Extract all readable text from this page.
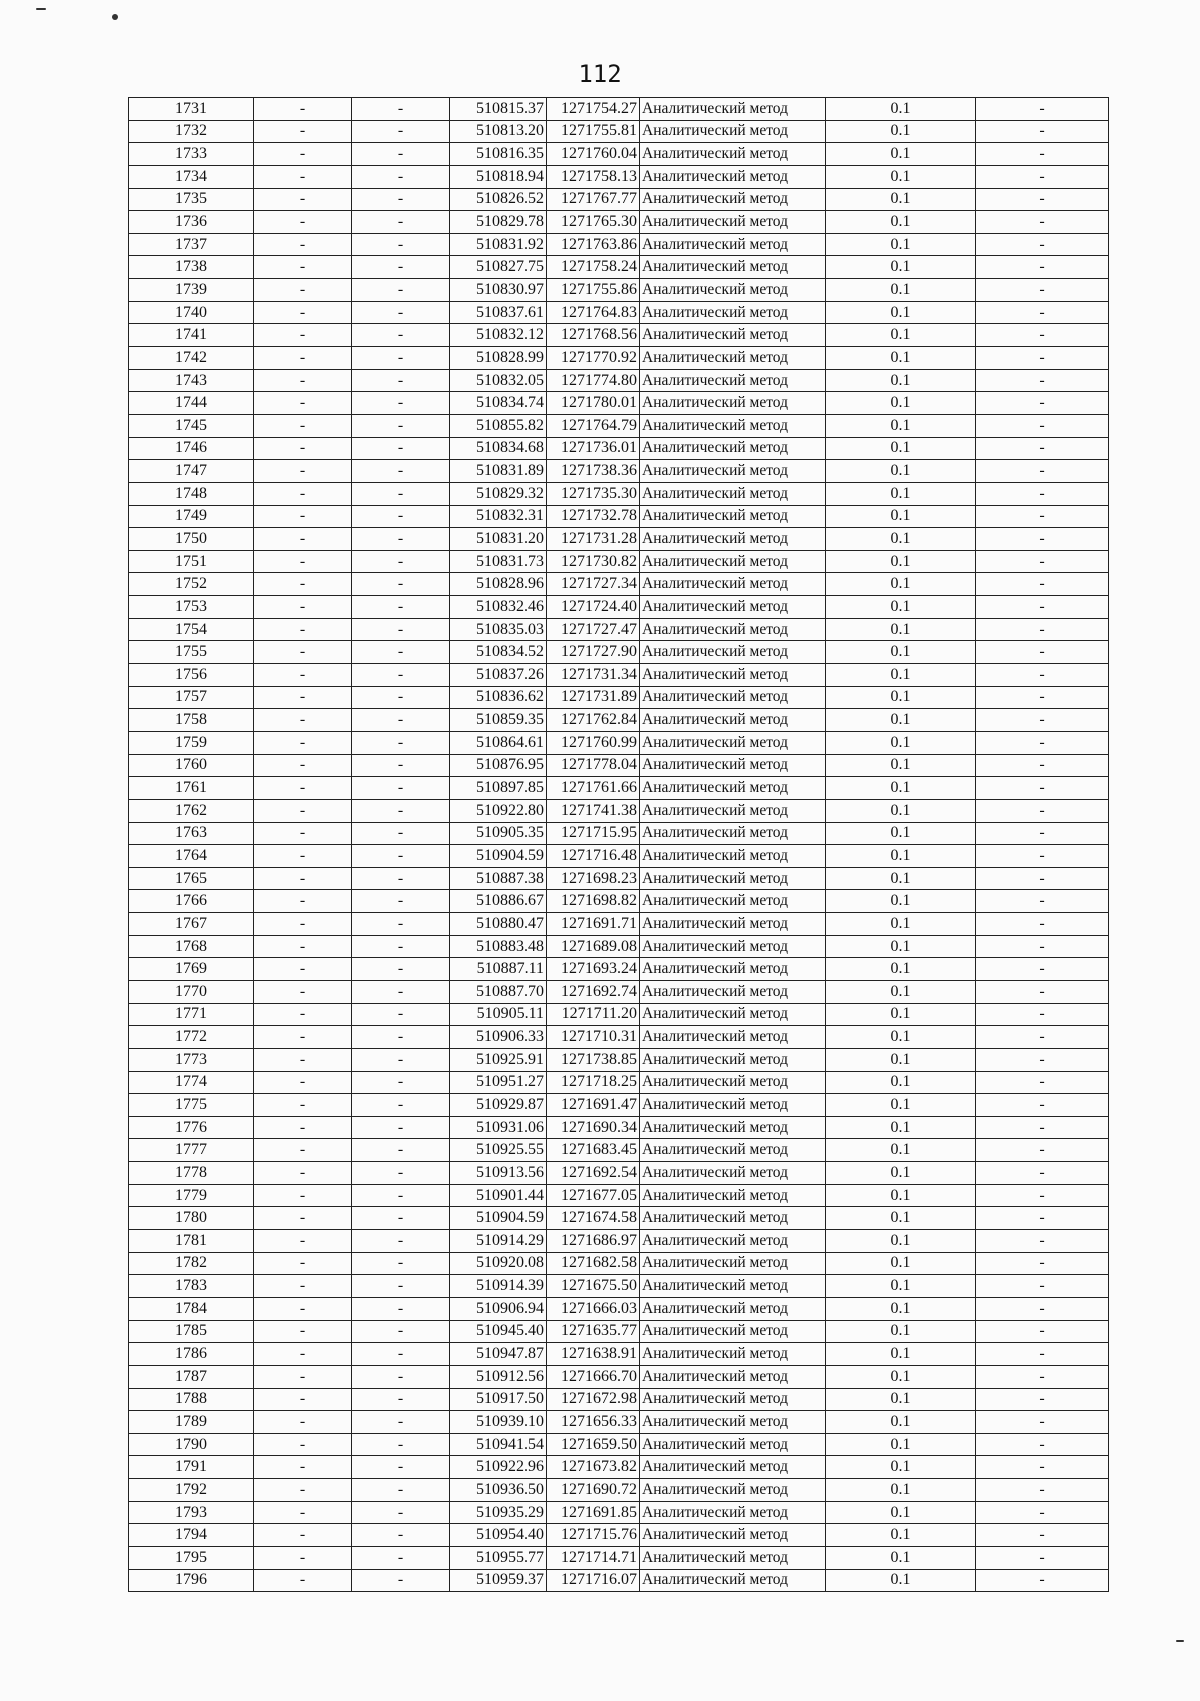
112
1731	-	-	510815.37	1271754.27	Аналитический метод	0.1	-
1732	-	-	510813.20	1271755.81	Аналитический метод	0.1	-
1733	-	-	510816.35	1271760.04	Аналитический метод	0.1	-
1734	-	-	510818.94	1271758.13	Аналитический метод	0.1	-
1735	-	-	510826.52	1271767.77	Аналитический метод	0.1	-
1736	-	-	510829.78	1271765.30	Аналитический метод	0.1	-
1737	-	-	510831.92	1271763.86	Аналитический метод	0.1	-
1738	-	-	510827.75	1271758.24	Аналитический метод	0.1	-
1739	-	-	510830.97	1271755.86	Аналитический метод	0.1	-
1740	-	-	510837.61	1271764.83	Аналитический метод	0.1	-
1741	-	-	510832.12	1271768.56	Аналитический метод	0.1	-
1742	-	-	510828.99	1271770.92	Аналитический метод	0.1	-
1743	-	-	510832.05	1271774.80	Аналитический метод	0.1	-
1744	-	-	510834.74	1271780.01	Аналитический метод	0.1	-
1745	-	-	510855.82	1271764.79	Аналитический метод	0.1	-
1746	-	-	510834.68	1271736.01	Аналитический метод	0.1	-
1747	-	-	510831.89	1271738.36	Аналитический метод	0.1	-
1748	-	-	510829.32	1271735.30	Аналитический метод	0.1	-
1749	-	-	510832.31	1271732.78	Аналитический метод	0.1	-
1750	-	-	510831.20	1271731.28	Аналитический метод	0.1	-
1751	-	-	510831.73	1271730.82	Аналитический метод	0.1	-
1752	-	-	510828.96	1271727.34	Аналитический метод	0.1	-
1753	-	-	510832.46	1271724.40	Аналитический метод	0.1	-
1754	-	-	510835.03	1271727.47	Аналитический метод	0.1	-
1755	-	-	510834.52	1271727.90	Аналитический метод	0.1	-
1756	-	-	510837.26	1271731.34	Аналитический метод	0.1	-
1757	-	-	510836.62	1271731.89	Аналитический метод	0.1	-
1758	-	-	510859.35	1271762.84	Аналитический метод	0.1	-
1759	-	-	510864.61	1271760.99	Аналитический метод	0.1	-
1760	-	-	510876.95	1271778.04	Аналитический метод	0.1	-
1761	-	-	510897.85	1271761.66	Аналитический метод	0.1	-
1762	-	-	510922.80	1271741.38	Аналитический метод	0.1	-
1763	-	-	510905.35	1271715.95	Аналитический метод	0.1	-
1764	-	-	510904.59	1271716.48	Аналитический метод	0.1	-
1765	-	-	510887.38	1271698.23	Аналитический метод	0.1	-
1766	-	-	510886.67	1271698.82	Аналитический метод	0.1	-
1767	-	-	510880.47	1271691.71	Аналитический метод	0.1	-
1768	-	-	510883.48	1271689.08	Аналитический метод	0.1	-
1769	-	-	510887.11	1271693.24	Аналитический метод	0.1	-
1770	-	-	510887.70	1271692.74	Аналитический метод	0.1	-
1771	-	-	510905.11	1271711.20	Аналитический метод	0.1	-
1772	-	-	510906.33	1271710.31	Аналитический метод	0.1	-
1773	-	-	510925.91	1271738.85	Аналитический метод	0.1	-
1774	-	-	510951.27	1271718.25	Аналитический метод	0.1	-
1775	-	-	510929.87	1271691.47	Аналитический метод	0.1	-
1776	-	-	510931.06	1271690.34	Аналитический метод	0.1	-
1777	-	-	510925.55	1271683.45	Аналитический метод	0.1	-
1778	-	-	510913.56	1271692.54	Аналитический метод	0.1	-
1779	-	-	510901.44	1271677.05	Аналитический метод	0.1	-
1780	-	-	510904.59	1271674.58	Аналитический метод	0.1	-
1781	-	-	510914.29	1271686.97	Аналитический метод	0.1	-
1782	-	-	510920.08	1271682.58	Аналитический метод	0.1	-
1783	-	-	510914.39	1271675.50	Аналитический метод	0.1	-
1784	-	-	510906.94	1271666.03	Аналитический метод	0.1	-
1785	-	-	510945.40	1271635.77	Аналитический метод	0.1	-
1786	-	-	510947.87	1271638.91	Аналитический метод	0.1	-
1787	-	-	510912.56	1271666.70	Аналитический метод	0.1	-
1788	-	-	510917.50	1271672.98	Аналитический метод	0.1	-
1789	-	-	510939.10	1271656.33	Аналитический метод	0.1	-
1790	-	-	510941.54	1271659.50	Аналитический метод	0.1	-
1791	-	-	510922.96	1271673.82	Аналитический метод	0.1	-
1792	-	-	510936.50	1271690.72	Аналитический метод	0.1	-
1793	-	-	510935.29	1271691.85	Аналитический метод	0.1	-
1794	-	-	510954.40	1271715.76	Аналитический метод	0.1	-
1795	-	-	510955.77	1271714.71	Аналитический метод	0.1	-
1796	-	-	510959.37	1271716.07	Аналитический метод	0.1	-
